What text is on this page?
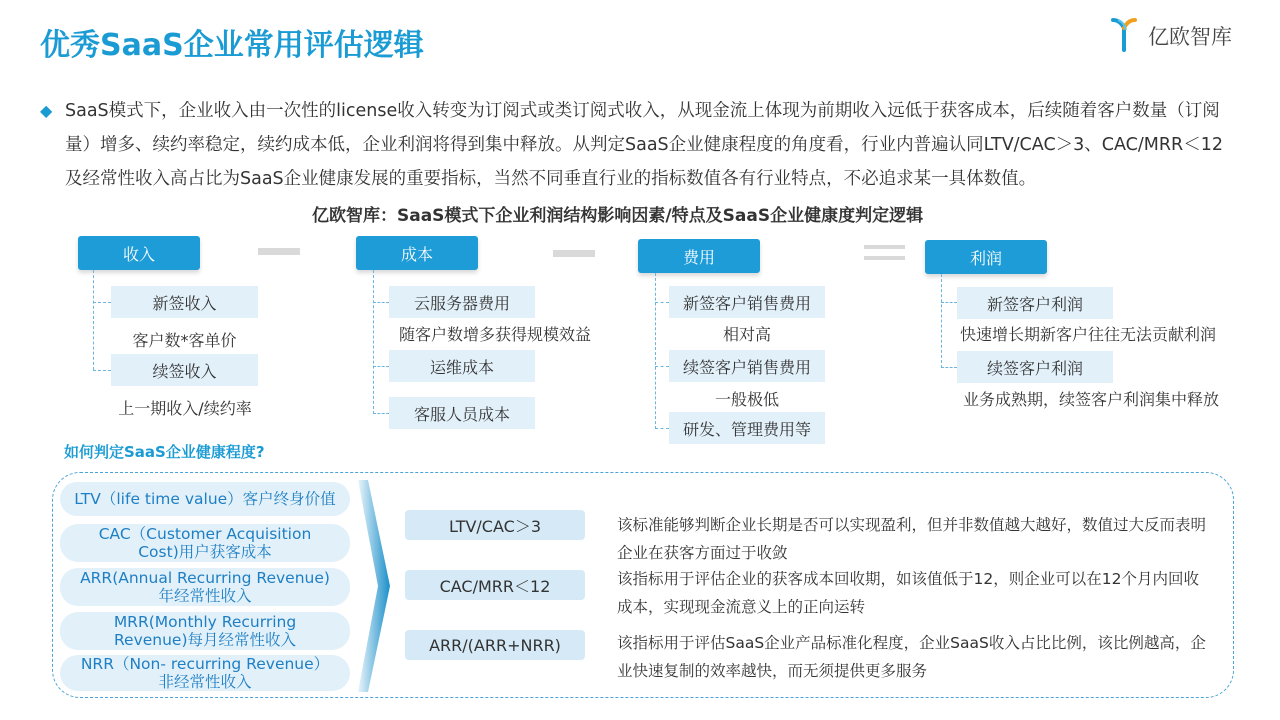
优秀SaaS企业常用评估逻辑	亿欧智库
◆ SaaS模式下，企业收入由一次性的license收入转变为订阅式或类订阅式收入，从现金流上体现为前期收入远低于获客成本，后续随着客户数量（订阅量）增多、续约率稳定，续约成本低，企业利润将得到集中释放。从判定SaaS企业健康程度的角度看，行业内普遍认同LTV/CAC＞3、CAC/MRR＜12及经常性收入高占比为SaaS企业健康发展的重要指标，当然不同垂直行业的指标数值各有行业特点，不必追求某一具体数值。
亿欧智库：SaaS模式下企业利润结构影响因素/特点及SaaS企业健康度判定逻辑
收入
新签收入
客户数*客单价
续签收入
上一期收入/续约率
成本
云服务器费用
随客户数增多获得规模效益
运维成本
客服人员成本
费用
新签客户销售费用
相对高
续签客户销售费用
一般极低
研发、管理费用等
利润
新签客户利润
快速增长期新客户往往无法贡献利润
续签客户利润
业务成熟期，续签客户利润集中释放
如何判定SaaS企业健康程度?
LTV（life time value）客户终身价值
CAC（Customer Acquisition
Cost)用户获客成本
ARR(Annual Recurring Revenue)
年经常性收入
MRR(Monthly Recurring
Revenue)每月经常性收入
NRR（Non- recurring Revenue）
非经常性收入
LTV/CAC＞3	该标准能够判断企业长期是否可以实现盈利，但并非数值越大越好，数值过大反而表明企业在获客方面过于收敛
CAC/MRR＜12	该指标用于评估企业的获客成本回收期，如该值低于12，则企业可以在12个月内回收成本，实现现金流意义上的正向运转
ARR/(ARR+NRR)	该指标用于评估SaaS企业产品标准化程度，企业SaaS收入占比比例，该比例越高，企业快速复制的效率越快，而无须提供更多服务
